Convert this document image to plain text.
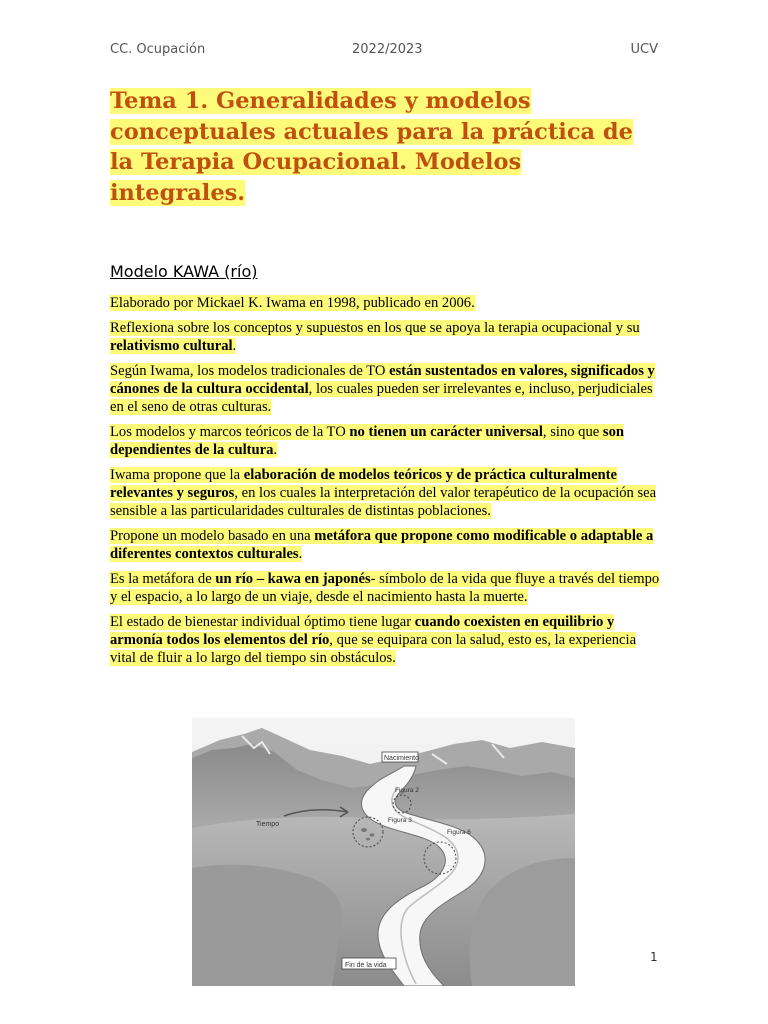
CC. Ocupación	2022/2023	UCV
Tema 1. Generalidades y modelos conceptuales actuales para la práctica de la Terapia Ocupacional. Modelos integrales.
Modelo KAWA (río)

Elaborado por Mickael K. Iwama en 1998, publicado en 2006.

Reflexiona sobre los conceptos y supuestos en los que se apoya la terapia ocupacional y su relativismo cultural.

Según Iwama, los modelos tradicionales de TO están sustentados en valores, significados y cánones de la cultura occidental, los cuales pueden ser irrelevantes e, incluso, perjudiciales en el seno de otras culturas.

Los modelos y marcos teóricos de la TO no tienen un carácter universal, sino que son dependientes de la cultura.

Iwama propone que la elaboración de modelos teóricos y de práctica culturalmente relevantes y seguros, en los cuales la interpretación del valor terapéutico de la ocupación sea sensible a las particularidades culturales de distintas poblaciones.

Propone un modelo basado en una metáfora que propone como modificable o adaptable a diferentes contextos culturales.

Es la metáfora de un río – kawa en japonés- símbolo de la vida que fluye a través del tiempo y el espacio, a lo largo de un viaje, desde el nacimiento hasta la muerte.

El estado de bienestar individual óptimo tiene lugar cuando coexisten en equilibrio y armonía todos los elementos del río, que se equipara con la salud, esto es, la experiencia vital de fluir a lo largo del tiempo sin obstáculos.

Nacimiento
Figura 2
Figura 3
Figura 6
Tiempo
Fin de la vida
1
